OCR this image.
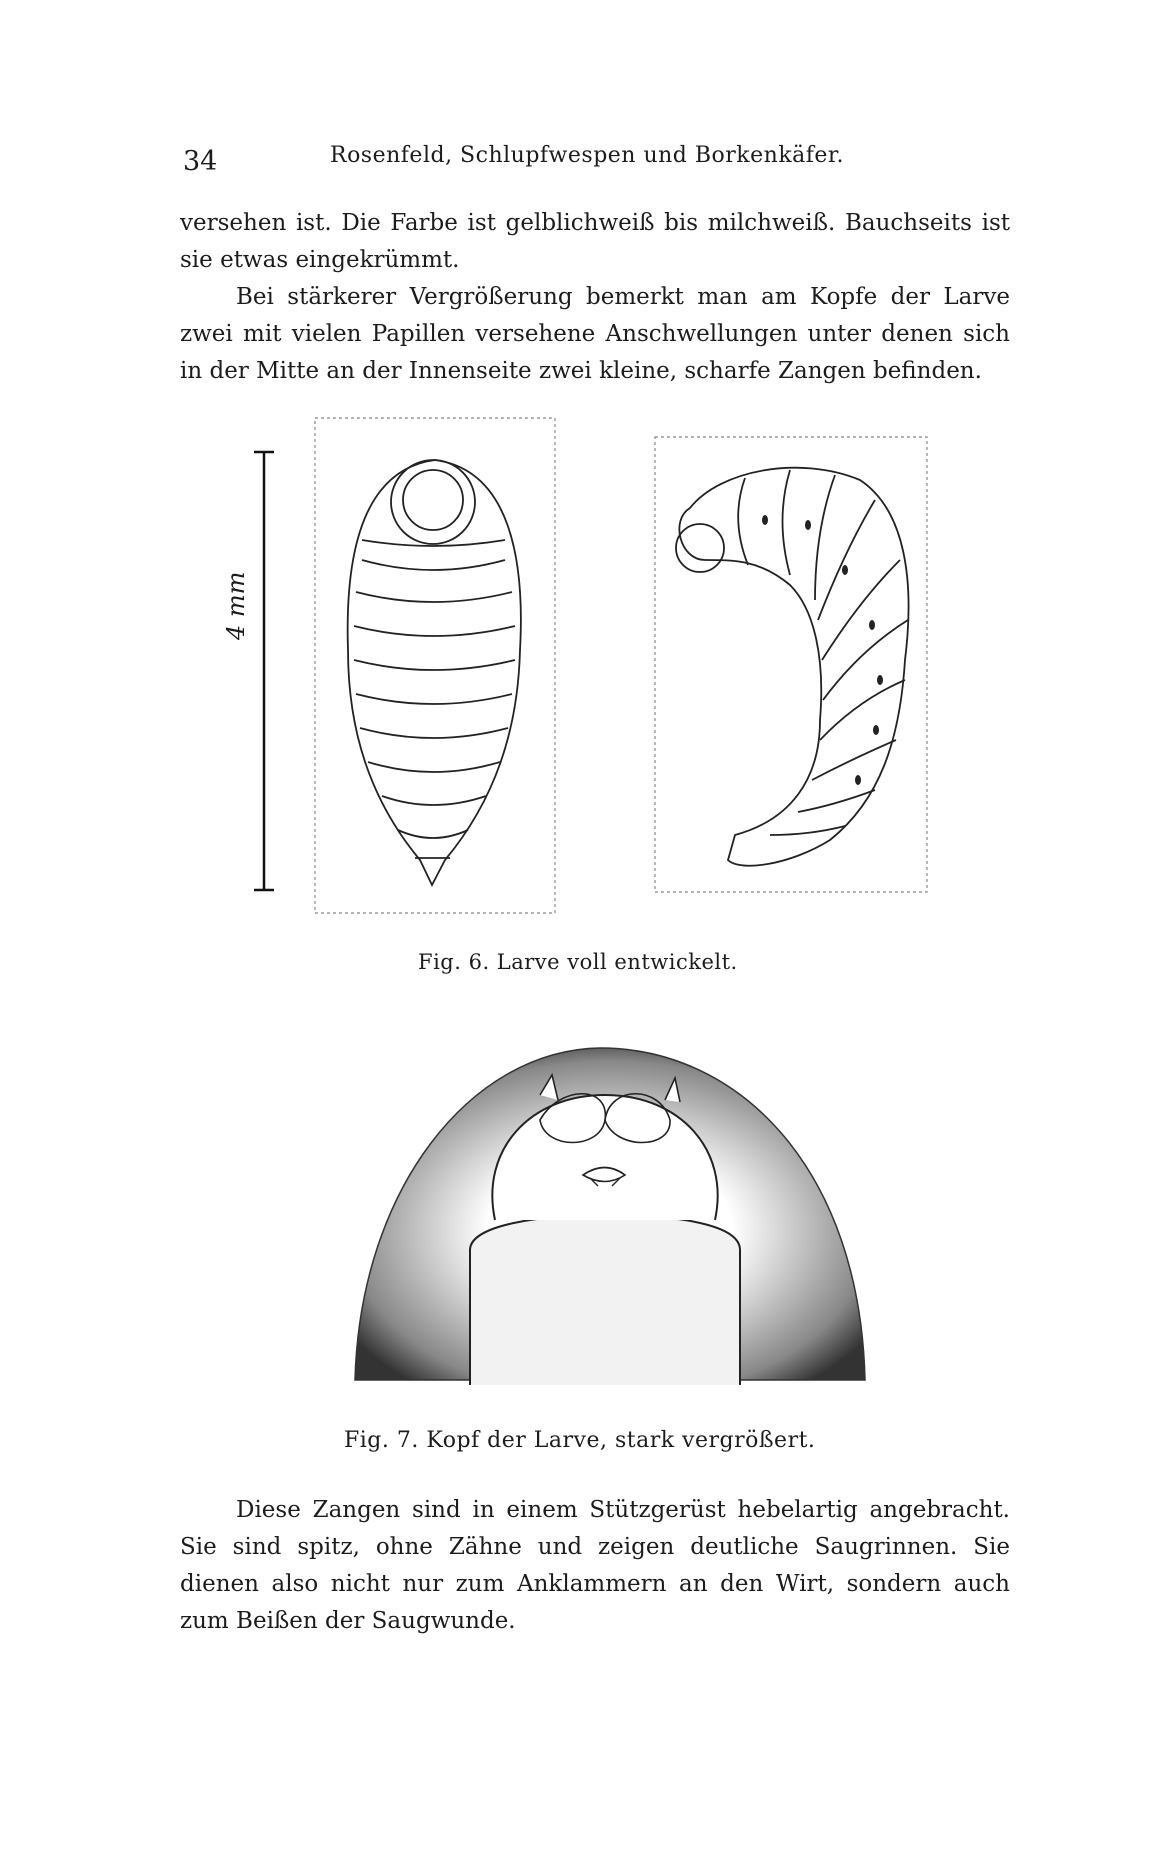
34	Rosenfeld, Schlupfwespen und Borkenkäfer.
versehen ist. Die Farbe ist gelblichweiß bis milchweiß. Bauchseits ist sie etwas eingekrümmt.
Bei stärkerer Vergrößerung bemerkt man am Kopfe der Larve zwei mit vielen Papillen versehene Anschwellungen unter denen sich in der Mitte an der Innenseite zwei kleine, scharfe Zangen befinden.
4 mm
Fig. 6. Larve voll entwickelt.
Fig. 7. Kopf der Larve, stark vergrößert.
Diese Zangen sind in einem Stützgerüst hebelartig angebracht. Sie sind spitz, ohne Zähne und zeigen deutliche Saugrinnen. Sie dienen also nicht nur zum Anklammern an den Wirt, sondern auch zum Beißen der Saugwunde.
